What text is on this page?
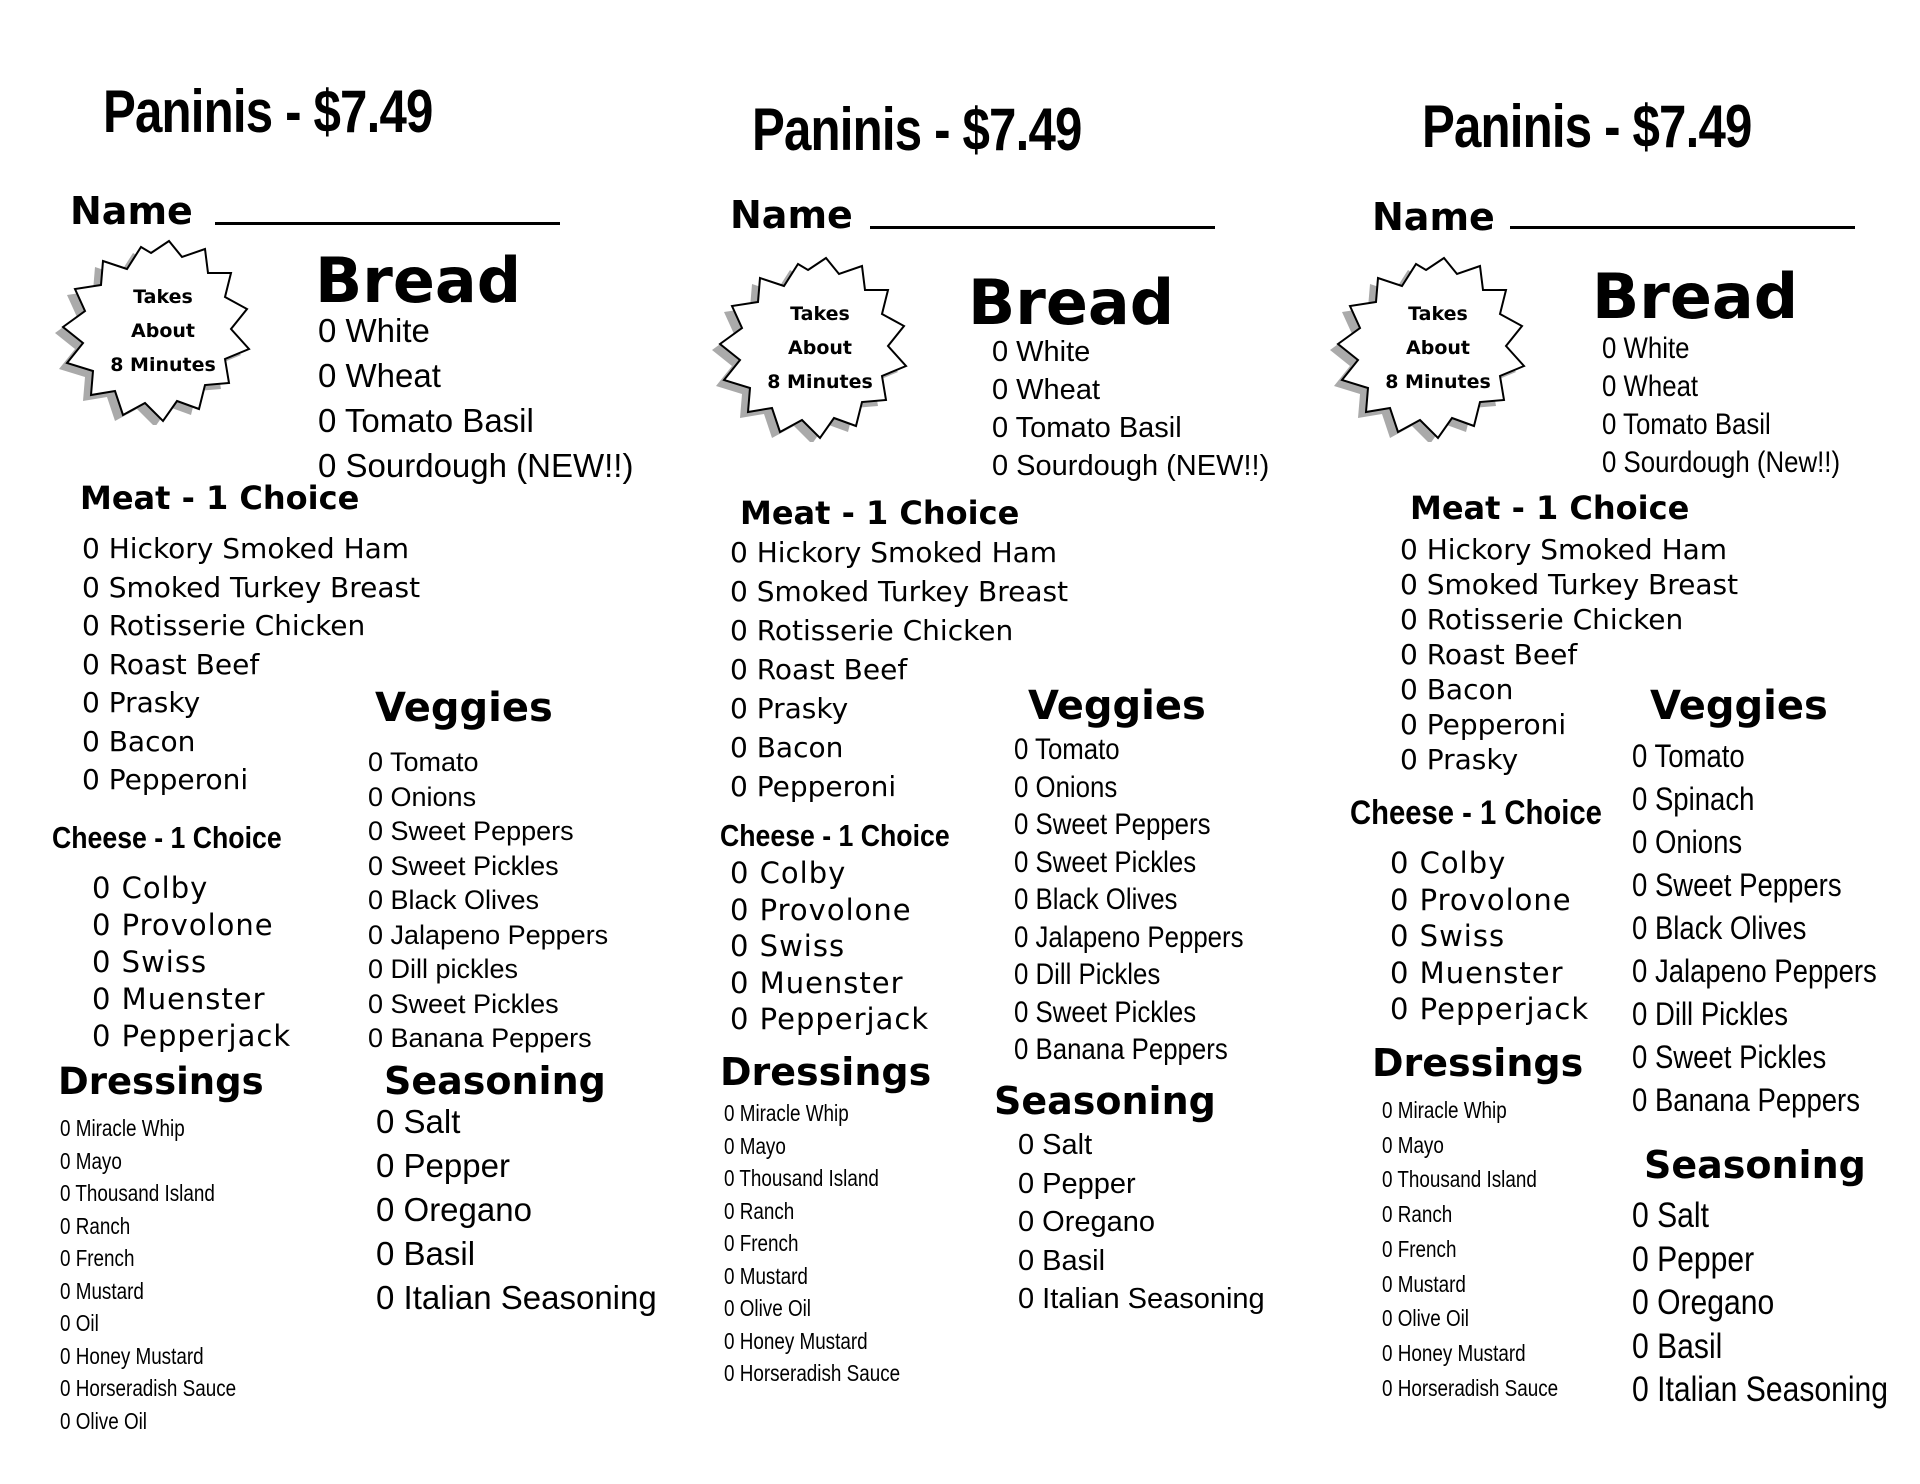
Paninis - $7.49
Name
Takes
About
8 Minutes
Bread
0 White
0 Wheat
0 Tomato Basil
0 Sourdough (NEW!!)
Meat - 1 Choice
0 Hickory Smoked Ham
0 Smoked Turkey Breast
0 Rotisserie Chicken
0 Roast Beef
0 Prasky
0 Bacon
0 Pepperoni
Cheese - 1 Choice
0 Colby
0 Provolone
0 Swiss
0 Muenster
0 Pepperjack
Veggies
0 Tomato
0 Onions
0 Sweet Peppers
0 Sweet Pickles
0 Black Olives
0 Jalapeno Peppers
0 Dill pickles
0 Sweet Pickles
0 Banana Peppers
Dressings
0 Miracle Whip
0 Mayo
0 Thousand Island
0 Ranch
0 French
0 Mustard
0 Oil
0 Honey Mustard
0 Horseradish Sauce
0 Olive Oil
Seasoning
0 Salt
0 Pepper
0 Oregano
0 Basil
0 Italian Seasoning
Paninis - $7.49
Name
Takes
About
8 Minutes
Bread
0 White
0 Wheat
0 Tomato Basil
0 Sourdough (NEW!!)
Meat - 1 Choice
0 Hickory Smoked Ham
0 Smoked Turkey Breast
0 Rotisserie Chicken
0 Roast Beef
0 Prasky
0 Bacon
0 Pepperoni
Cheese - 1 Choice
0 Colby
0 Provolone
0 Swiss
0 Muenster
0 Pepperjack
Veggies
0 Tomato
0 Onions
0 Sweet Peppers
0 Sweet Pickles
0 Black Olives
0 Jalapeno Peppers
0 Dill Pickles
0 Sweet Pickles
0 Banana Peppers
Dressings
0 Miracle Whip
0 Mayo
0 Thousand Island
0 Ranch
0 French
0 Mustard
0 Olive Oil
0 Honey Mustard
0 Horseradish Sauce
Seasoning
0 Salt
0 Pepper
0 Oregano
0 Basil
0 Italian Seasoning
Paninis - $7.49
Name
Takes
About
8 Minutes
Bread
0 White
0 Wheat
0 Tomato Basil
0 Sourdough (New!!)
Meat - 1 Choice
0 Hickory Smoked Ham
0 Smoked Turkey Breast
0 Rotisserie Chicken
0 Roast Beef
0 Bacon
0 Pepperoni
0 Prasky
Cheese - 1 Choice
0 Colby
0 Provolone
0 Swiss
0 Muenster
0 Pepperjack
Veggies
0 Tomato
0 Spinach
0 Onions
0 Sweet Peppers
0 Black Olives
0 Jalapeno Peppers
0 Dill Pickles
0 Sweet Pickles
0 Banana Peppers
Dressings
0 Miracle Whip
0 Mayo
0 Thousand Island
0 Ranch
0 French
0 Mustard
0 Olive Oil
0 Honey Mustard
0 Horseradish Sauce
Seasoning
0 Salt
0 Pepper
0 Oregano
0 Basil
0 Italian Seasoning
